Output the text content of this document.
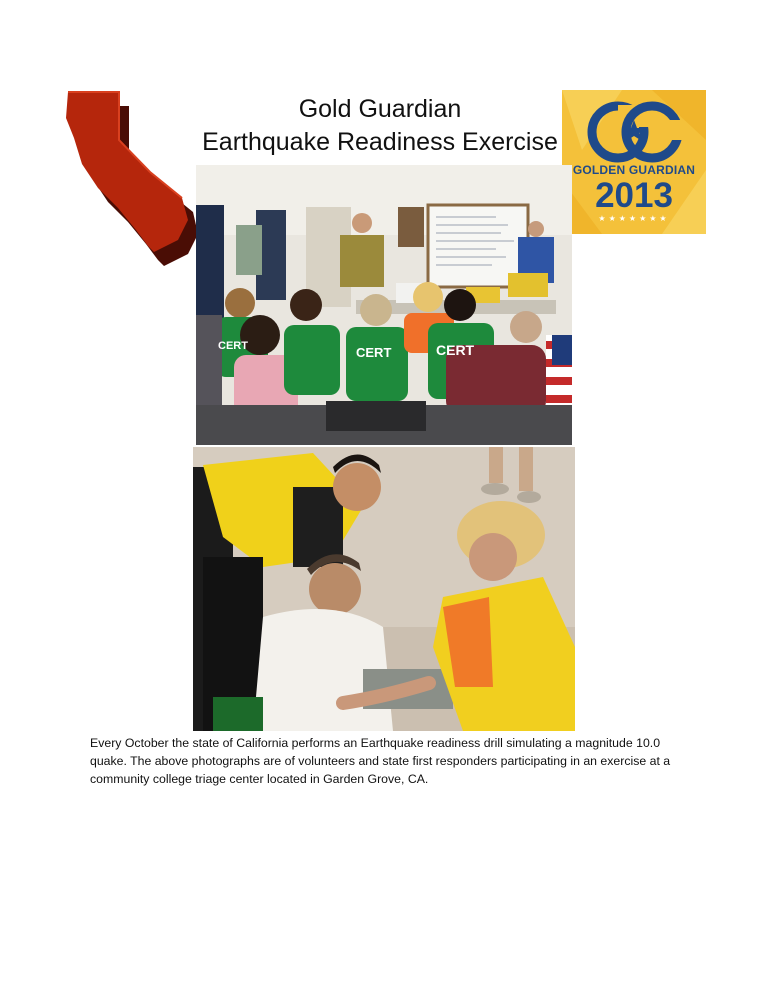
Gold Guardian
Earthquake Readiness Exercise
GOLDEN GUARDIAN
2013
★★★★★★★
CERT	CERT	CERT
Every October the state of California performs an Earthquake readiness drill simulating a magnitude 10.0 quake. The above photographs are of volunteers and state first responders participating in an exercise at a community college triage center located in Garden Grove, CA.
